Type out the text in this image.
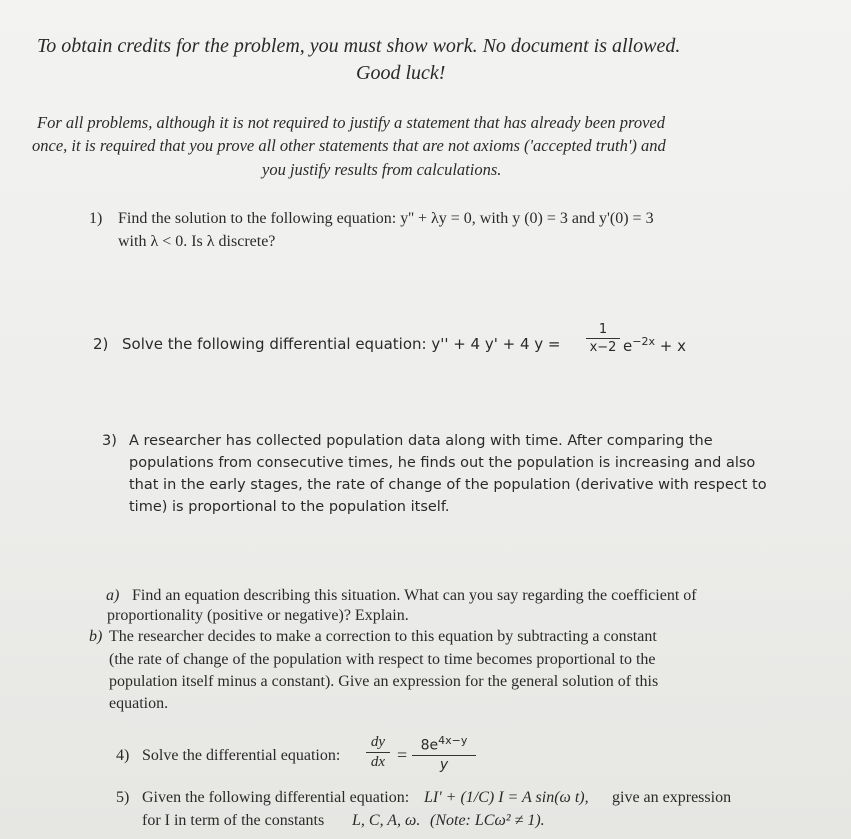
To obtain credits for the problem, you must show work. No document is allowed.
Good luck!
For all problems, although it is not required to justify a statement that has already been proved
once, it is required that you prove all other statements that are not axioms ('accepted truth') and
you justify results from calculations.
1) Find the solution to the following equation: y'' + λy = 0, with y (0) = 3 and y'(0) = 3
with λ < 0. Is λ discrete?
2) Solve the following differential equation: y'' + 4 y' + 4 y =
1
x−2 $e^{-2x} + x$
3) A researcher has collected population data along with time. After comparing the
populations from consecutive times, he finds out the population is increasing and also
that in the early stages, the rate of change of the population (derivative with respect to
time) is proportional to the population itself.
a) Find an equation describing this situation. What can you say regarding the coefficient of
proportionality (positive or negative)? Explain.
b) The researcher decides to make a correction to this equation by subtracting a constant
(the rate of change of the population with respect to time becomes proportional to the
population itself minus a constant). Give an expression for the general solution of this
equation.
4) Solve the differential equation:
dy
dx = $8e^{4x-y}$
y
5) Given the following differential equation: LI' + (1/C) I = A sin(ω t), give an expression
for I in term of the constants L, C, A, ω. (Note: LCω² ≠ 1).
